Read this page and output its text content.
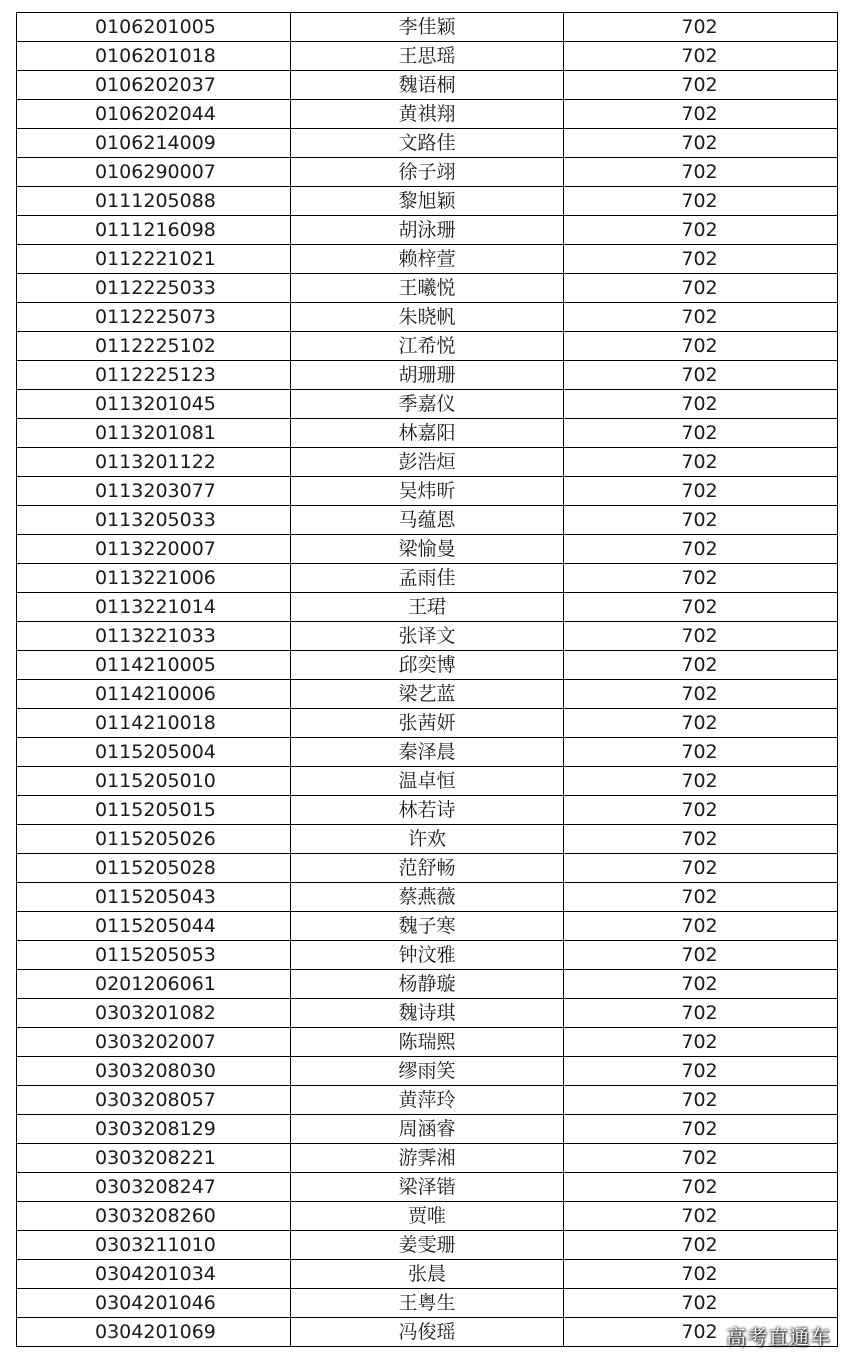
0106201005	李佳颖	702
0106201018	王思瑶	702
0106202037	魏语桐	702
0106202044	黄祺翔	702
0106214009	文路佳	702
0106290007	徐子翊	702
0111205088	黎旭颖	702
0111216098	胡泳珊	702
0112221021	赖梓萱	702
0112225033	王曦悦	702
0112225073	朱晓帆	702
0112225102	江希悦	702
0112225123	胡珊珊	702
0113201045	季嘉仪	702
0113201081	林嘉阳	702
0113201122	彭浩烜	702
0113203077	吴炜昕	702
0113205033	马蕴恩	702
0113220007	梁愉曼	702
0113221006	孟雨佳	702
0113221014	王珺	702
0113221033	张译文	702
0114210005	邱奕博	702
0114210006	梁艺蓝	702
0114210018	张茜妍	702
0115205004	秦泽晨	702
0115205010	温卓恒	702
0115205015	林若诗	702
0115205026	许欢	702
0115205028	范舒畅	702
0115205043	蔡燕薇	702
0115205044	魏子寒	702
0115205053	钟汶雅	702
0201206061	杨静璇	702
0303201082	魏诗琪	702
0303202007	陈瑞熙	702
0303208030	缪雨笑	702
0303208057	黄萍玲	702
0303208129	周涵睿	702
0303208221	游霁湘	702
0303208247	梁泽锴	702
0303208260	贾唯	702
0303211010	姜雯珊	702
0304201034	张晨	702
0304201046	王粤生	702
0304201069	冯俊瑶	702 高考直通车
